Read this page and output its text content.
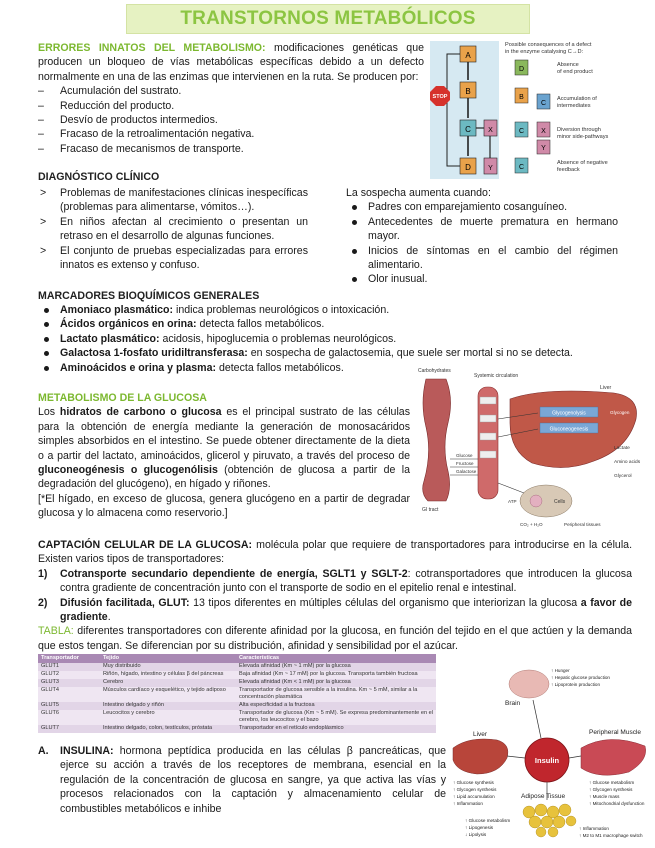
TRANSTORNOS METABÓLICOS

ERRORES INNATOS DEL METABOLISMO: modificaciones genéticas que producen un bloqueo de vías metabólicas específicas debido a un defecto normalmente en una de las enzimas que intervienen en la ruta. Se producen por:

– Acumulación del sustrato.
– Reducción del producto.
– Desvío de productos intermedios.
– Fracaso de la retroalimentación negativa.
– Fracaso de mecanismos de transporte.
A
B
C
D
X
Y
STOP
Possible consequences of a defect in the enzyme catalysing C→D:
D
Absence of end product
B
C
Accumulation of intermediates
C X
Y
Diversion through minor side-pathways
C
Absence of negative feedback
DIAGNÓSTICO CLÍNICO
> Problemas de manifestaciones clínicas inespecíficas (problemas para alimentarse, vómitos…).
> En niños afectan al crecimiento o presentan un retraso en el desarrollo de algunas funciones.
> El conjunto de pruebas especializadas para errores innatos es extenso y confuso.

La sospecha aumenta cuando:

Padres con emparejamiento cosanguíneo.
Antecedentes de muerte prematura en hermano mayor.
Inicios de síntomas en el cambio del régimen alimentario.
Olor inusual.
MARCADORES BIOQUÍMICOS GENERALES
Amoniaco plasmático: indica problemas neurológicos o intoxicación.
Ácidos orgánicos en orina: detecta fallos metabólicos.
Lactato plasmático: acidosis, hipoglucemia o problemas neurológicos.
Galactosa 1-fosfato uridiltransferasa: en sospecha de galactosemia, que suele ser mortal si no se detecta.
Aminoácidos e orina y plasma: detecta fallos metabólicos.

METABOLISMO DE LA GLUCOSA

Los hidratos de carbono o glucosa es el principal sustrato de las células para la obtención de energía mediante la generación de monosacáridos simples absorbidos en el intestino. Se puede obtener directamente de la dieta o a partir del lactato, aminoácidos, glicerol y piruvato, a través del proceso de gluconeogénesis o glucogenólisis (obtención de glucosa a partir de la degradación del glucógeno), en hígado y riñones.

[*El hígado, en exceso de glucosa, genera glucógeno en a partir de degradar glucosa y lo almacena como reservorio.]

Carbohydrates
GI tract
Systemic circulation
Liver
Glycogenolysis
Gluconeogenesis
Glycogen
Glucose
Fructose
Galactose
Lactate
Amino acids
Glycerol
Cells
ATP
CO₂ + H₂O	Peripheral tissues

CAPTACIÓN CELULAR DE LA GLUCOSA: molécula polar que requiere de transportadores para introducirse en la célula. Existen varios tipos de transportadores:

1) Cotransporte secundario dependiente de energía, SGLT1 y SGLT-2: cotransportadores que introducen la glucosa contra gradiente de concentración junto con el transporte de sodio en el epitelio renal e intestinal.
2) Difusión facilitada, GLUT: 13 tipos diferentes en múltiples células del organismo que interiorizan la glucosa a favor de gradiente.

TABLA: diferentes transportadores con diferente afinidad por la glucosa, en función del tejido en el que actúen y la demanda que estos tengan. Se diferencian por su distribución, afinidad y sensibilidad por el azúcar.

Transportador	Tejido	Características
GLUT1	Muy distribuido	Elevada afinidad (Km ~ 1 mM) por la glucosa
GLUT2	Riñón, hígado, intestino y células β del páncreas	Baja afinidad (Km ~ 17 mM) por la glucosa. Transporta también fructosa
GLUT3	Cerebro	Elevada afinidad (Km < 1 mM) por la glucosa
GLUT4	Músculos cardíaco y esquelético, y tejido adiposo	Transportador de glucosa sensible a la insulina. Km ~ 5 mM, similar a la concentración plasmática
GLUT5	Intestino delgado y riñón	Alta especificidad a la fructosa
GLUT6	Leucocitos y cerebro	Transportador de glucosa (Km ~ 5 mM). Se expresa predominantemente en el cerebro, los leucocitos y el bazo
GLUT7	Intestino delgado, colon, testículos, próstata	Transportador en el retículo endoplásmico
A. INSULINA: hormona peptídica producida en las células β pancreáticas, que ejerce su acción a través de los receptores de membrana, esencial en la regulación de la concentración de glucosa en sangre, ya que activa las vías y procesos relacionados con la captación y almacenamiento celular de combustibles metabólicos e inhibe
Brain
↑ Hunger ↑ Hepatic glucose production ↑ Lipoprotein production
Liver
↑ Glucose synthesis ↑ Glycogen synthesis ↑ Lipid accumulation ↑ Inflammation
Peripheral Muscle
↑ Glucose metabolism ↑ Glycogen synthesis ↑ Muscle mass ↑ Mitochondrial dysfunction
Insulin
Adipose Tissue
↑ Glucose metabolism ↑ Lipogenesis ↓ Lipolysis
↑ Inflammation ↑ M2 to M1 macrophage switch
